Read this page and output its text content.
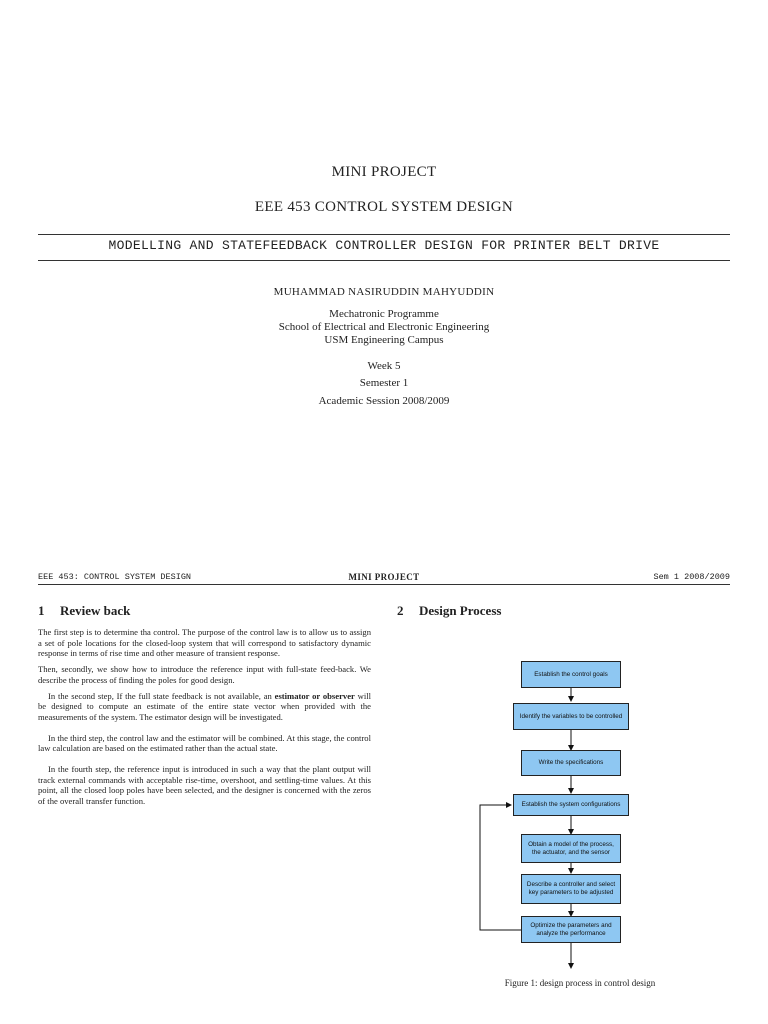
MINI PROJECT
EEE 453 CONTROL SYSTEM DESIGN
MODELLING AND STATEFEEDBACK CONTROLLER DESIGN FOR PRINTER BELT DRIVE
MUHAMMAD NASIRUDDIN MAHYUDDIN
Mechatronic Programme
School of Electrical and Electronic Engineering
USM Engineering Campus
Week 5
Semester 1
Academic Session 2008/2009
EEE 453: CONTROL SYSTEM DESIGN	MINI PROJECT	Sem 1 2008/2009
1 Review back

The first step is to determine tha control. The purpose of the control law is to allow us to assign a set of pole locations for the closed-loop system that will correspond to satisfactory dynamic response in terms of rise time and other measure of transient response.

Then, secondly, we show how to introduce the reference input with full-state feed-back. We describe the process of finding the poles for good design.

In the second step, If the full state feedback is not available, an estimator or observer will be designed to compute an estimate of the entire state vector when provided with the measurements of the system. The estimator design will be investigated.

In the third step, the control law and the estimator will be combined. At this stage, the control law calculation are based on the estimated rather than the actual state.

In the fourth step, the reference input is introduced in such a way that the plant output will track external commands with acceptable rise-time, overshoot, and settling-time values. At this point, all the closed loop poles have been selected, and the designer is concerned with the zeros of the overall transfer function.

2 Design Process
Establish the control goals
Identify the variables to be controlled
Write the specifications
Establish the system configurations
Obtain a model of the process, the actuator, and the sensor
Describe a controller and select key parameters to be adjusted
Optimize the parameters and analyze the performance
Figure 1: design process in control design
